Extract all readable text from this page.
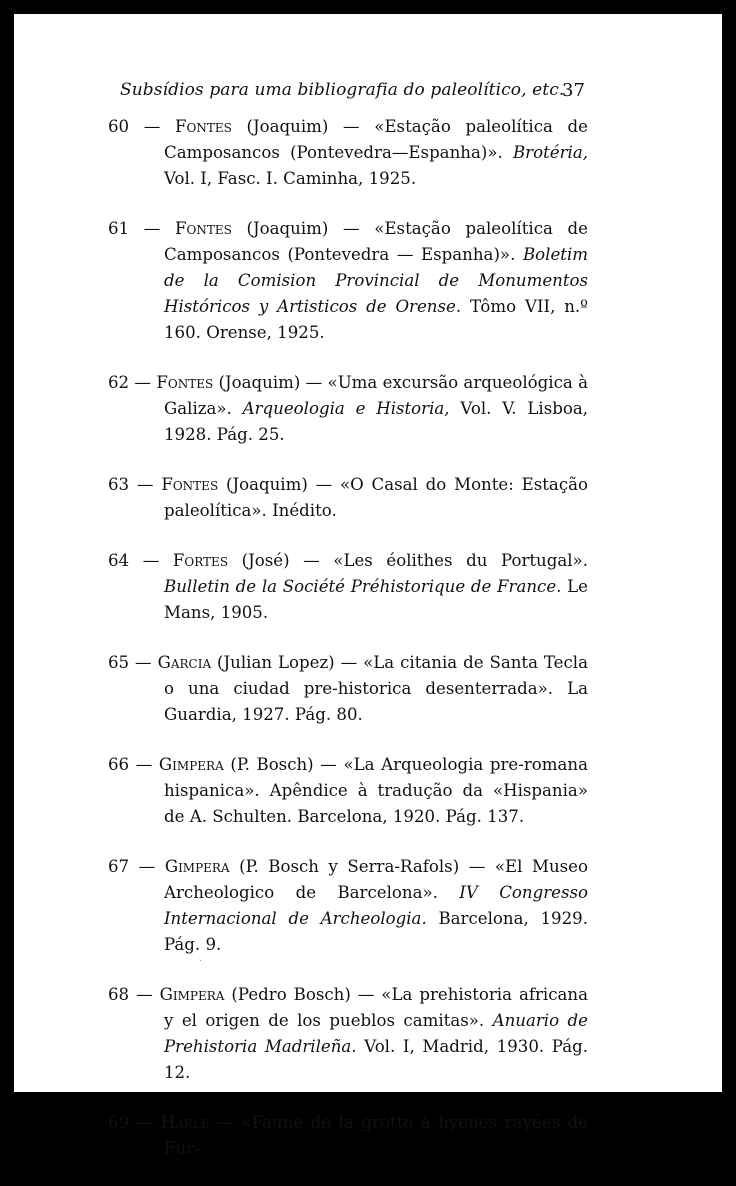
Subsídios para uma bibliografia do paleolítico, etc.
37
60 — Fontes (Joaquim) — «Estação paleolítica de Camposancos (Pontevedra—Espanha)». Brotéria, Vol. I, Fasc. I. Caminha, 1925.
61 — Fontes (Joaquim) — «Estação paleolítica de Camposancos (Pontevedra — Espanha)». Boletim de la Comision Provincial de Monumentos Históricos y Artisticos de Orense. Tômo VII, n.º 160. Orense, 1925.
62 — Fontes (Joaquim) — «Uma excursão arqueológica à Galiza». Arqueologia e Historia, Vol. V. Lisboa, 1928. Pág. 25.
63 — Fontes (Joaquim) — «O Casal do Monte: Estação paleolítica». Inédito.
64 — Fortes (José) — «Les éolithes du Portugal». Bulletin de la Société Préhistorique de France. Le Mans, 1905.
65 — Garcia (Julian Lopez) — «La citania de Santa Tecla o una ciudad pre-historica desenterrada». La Guardia, 1927. Pág. 80.
66 — Gimpera (P. Bosch) — «La Arqueologia pre-romana hispanica». Apêndice à tradução da «Hispania» de A. Schulten. Barcelona, 1920. Pág. 137.
67 — Gimpera (P. Bosch y Serra-Rafols) — «El Museo Archeologico de Barcelona». IV Congresso Internacional de Archeologia. Barcelona, 1929. Pág. 9.
68 — Gimpera (Pedro Bosch) — «La prehistoria africana y el origen de los pueblos camitas». Anuario de Prehistoria Madrileña. Vol. I, Madrid, 1930. Pág. 12.
69 — Harlé — «Faune de la grotte à hyenes rayées de Fur-
ˎ
